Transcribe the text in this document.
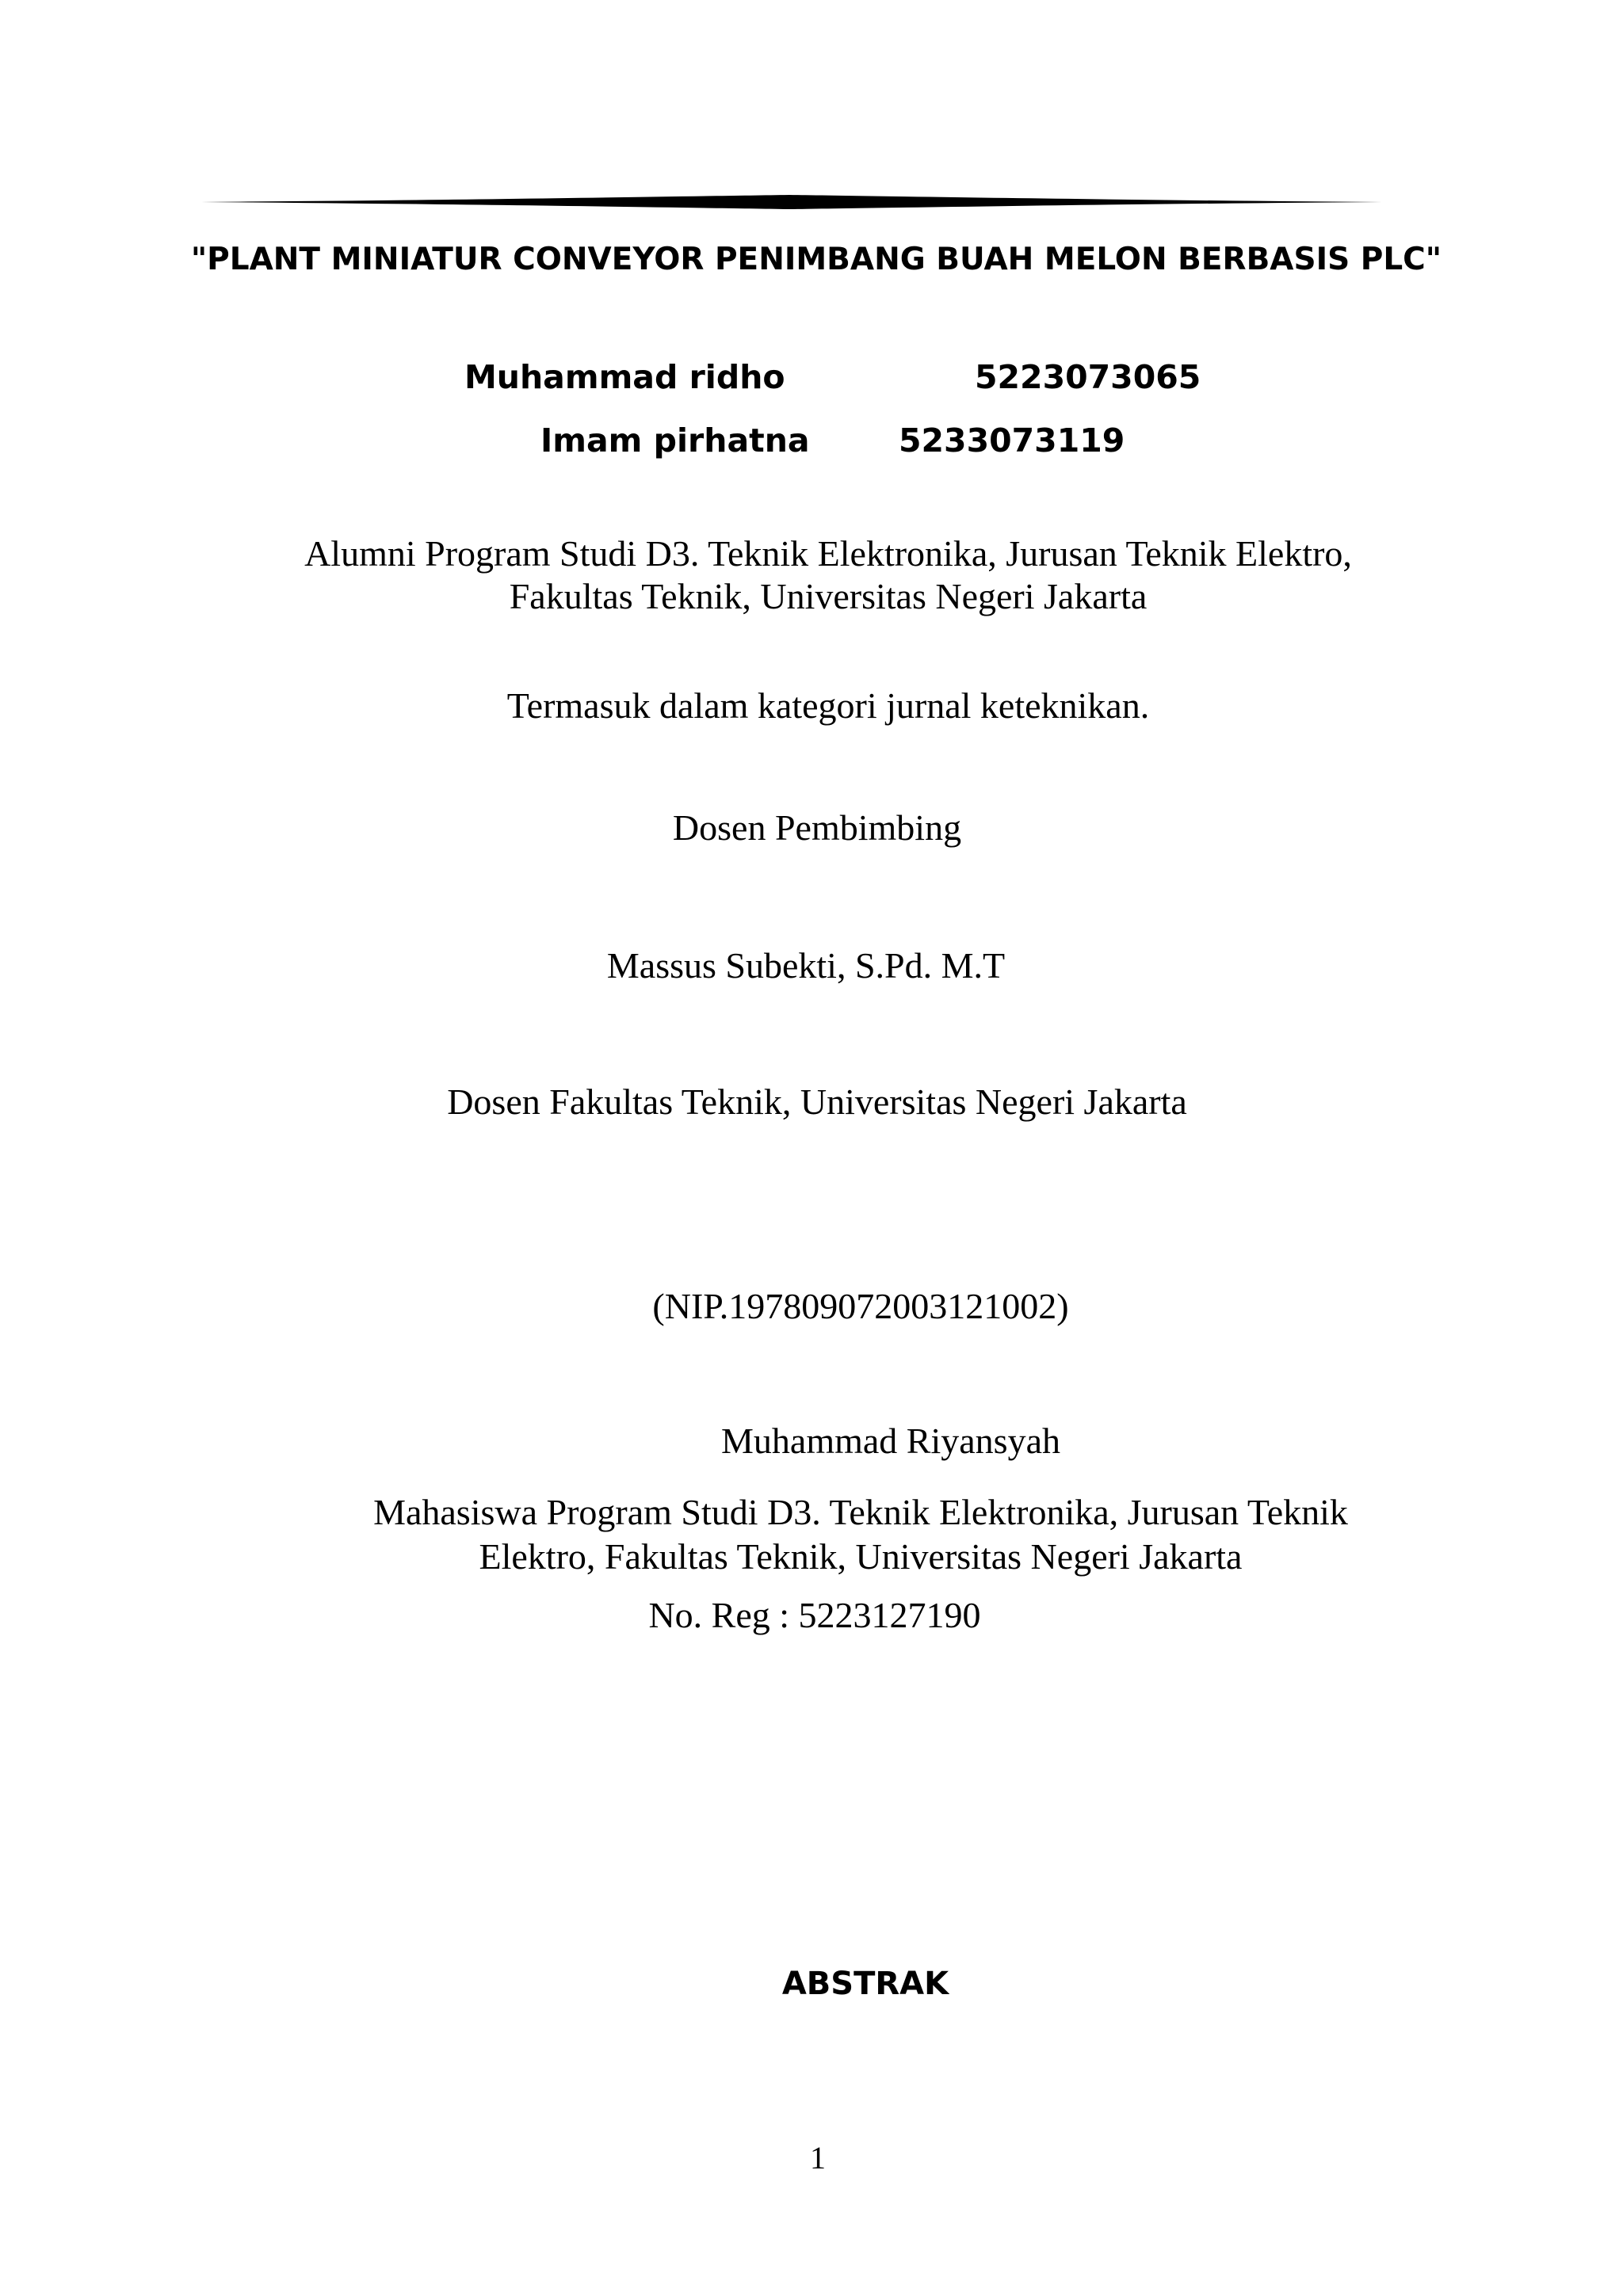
"PLANT MINIATUR CONVEYOR PENIMBANG BUAH MELON BERBASIS PLC"
Muhammad ridho	5223073065
Imam pirhatna	5233073119
Alumni Program Studi D3. Teknik Elektronika, Jurusan Teknik Elektro,
Fakultas Teknik, Universitas Negeri Jakarta
Termasuk dalam kategori jurnal keteknikan.
Dosen Pembimbing
Massus Subekti, S.Pd. M.T
Dosen Fakultas Teknik, Universitas Negeri Jakarta
(NIP.197809072003121002)
Muhammad Riyansyah
Mahasiswa Program Studi D3. Teknik Elektronika, Jurusan Teknik
Elektro, Fakultas Teknik, Universitas Negeri Jakarta
No. Reg : 5223127190
ABSTRAK
1
